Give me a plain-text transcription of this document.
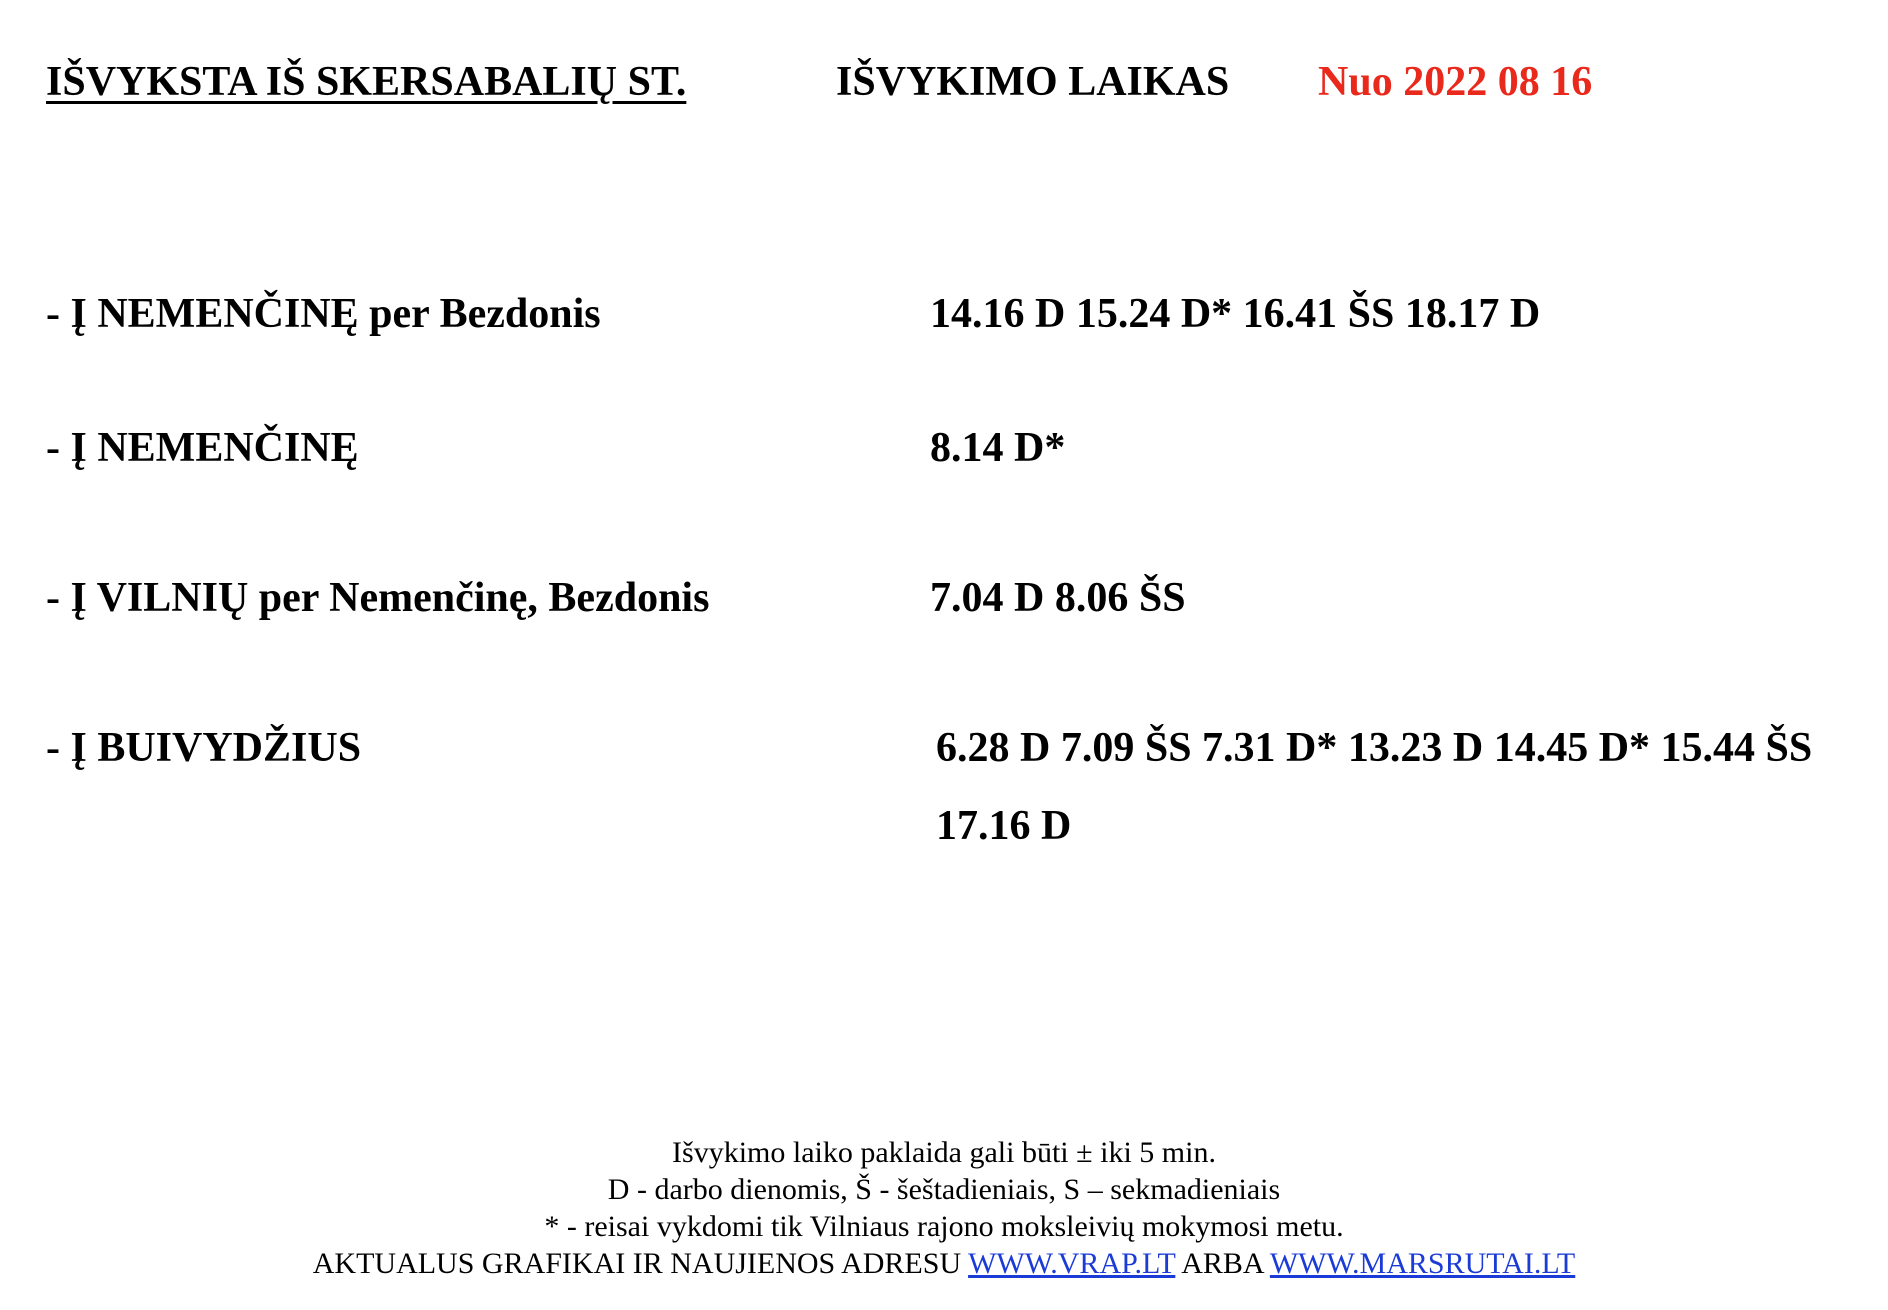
IŠVYKSTA IŠ SKERSABALIŲ ST.	IŠVYKIMO LAIKAS Nuo 2022 08 16
- Į NEMENČINĘ per Bezdonis	14.16 D 15.24 D* 16.41 ŠS 18.17 D
- Į NEMENČINĘ	8.14 D*
- Į VILNIŲ per Nemenčinę, Bezdonis	7.04 D 8.06 ŠS
- Į BUIVYDŽIUS	6.28 D 7.09 ŠS 7.31 D* 13.23 D 14.45 D* 15.44 ŠS
17.16 D
Išvykimo laiko paklaida gali būti ± iki 5 min.
D - darbo dienomis, Š - šeštadieniais, S – sekmadieniais
* - reisai vykdomi tik Vilniaus rajono moksleivių mokymosi metu.
AKTUALUS GRAFIKAI IR NAUJIENOS ADRESU WWW.VRAP.LT ARBA WWW.MARSRUTAI.LT
